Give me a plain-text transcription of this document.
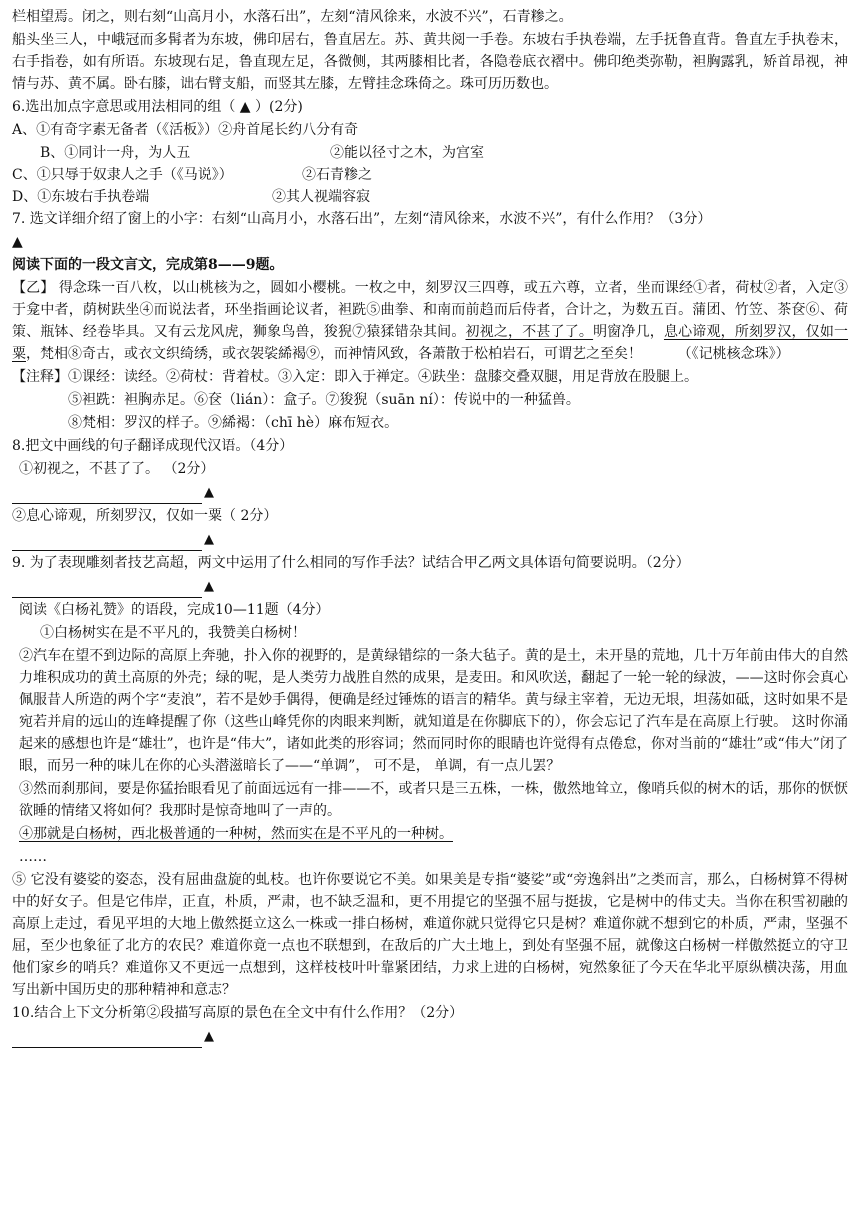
栏相望焉。闭之，则右刻“山高月小，水落石出”，左刻“清风徐来，水波不兴”，石青糁之。

船头坐三人，中峨冠而多髯者为东坡，佛印居右，鲁直居左。苏、黄共阅一手卷。东坡右手执卷端，左手抚鲁直背。鲁直左手执卷末，右手指卷，如有所语。东坡现右足，鲁直现左足，各微侧，其两膝相比者，各隐卷底衣褶中。佛印绝类弥勒，袒胸露乳，矫首昂视，神情与苏、黄不属。卧右膝，诎右臂支船，而竖其左膝，左臂挂念珠倚之。珠可历历数也。

6.选出加点字意思或用法相同的组（ ▲ ）(2分)

A、①有奇字素无备者（《活板》）②舟首尾长约八分有奇

B、①同计一舟，为人五	②能以径寸之木，为宫室
C、①只辱于奴隶人之手（《马说》）	②石青糁之
D、①东坡右手执卷端	②其人视端容寂

7. 选文详细介绍了窗上的小字：右刻“山高月小，水落石出”，左刻“清风徐来，水波不兴”，有什么作用？（3分）

▲

阅读下面的一段文言文，完成第8——9题。

【乙】 得念珠一百八枚，以山桃核为之，圆如小樱桃。一枚之中，刻罗汉三四尊，或五六尊，立者，坐而课经①者，荷杖②者，入定③于龛中者，荫树趺坐④而说法者，环坐指画论议者，袒跣⑤曲拳、和南而前趋而后侍者，合计之，为数五百。蒲团、竹笠、茶奁⑥、荷策、瓶钵、经卷毕具。又有云龙风虎，狮象鸟兽，狻猊⑦猿猱错杂其间。初视之，不甚了了。明窗净几，息心谛观，所刻罗汉，仅如一粟，梵相⑧奇古，或衣文织绮绣，或衣袈裟絺褐⑨，而神情风致，各萧散于松柏岩石，可谓艺之至矣！	（《记桃核念珠》）

【注释】①课经：读经。②荷杖：背着杖。③入定：即入于禅定。④趺坐：盘膝交叠双腿，用足背放在股腿上。

⑤袒跣：袒胸赤足。⑥奁（lián）：盒子。⑦狻猊（suān ní）：传说中的一种猛兽。

⑧梵相：罗汉的样子。⑨絺褐：（chī hè）麻布短衣。

8.把文中画线的句子翻译成现代汉语。（4分）

①初视之，不甚了了。 （2分）

▲

②息心谛观，所刻罗汉，仅如一粟（ 2分）

▲

9. 为了表现雕刻者技艺高超，两文中运用了什么相同的写作手法？试结合甲乙两文具体语句简要说明。（2分）

▲

阅读《白杨礼赞》的语段，完成10—11题（4分）

①白杨树实在是不平凡的，我赞美白杨树！

②汽车在望不到边际的高原上奔驰，扑入你的视野的，是黄绿错综的一条大毡子。黄的是土，未开垦的荒地，几十万年前由伟大的自然力堆积成功的黄土高原的外壳；绿的呢，是人类劳力战胜自然的成果，是麦田。和风吹送，翻起了一轮一轮的绿波，——这时你会真心佩服昔人所造的两个字“麦浪”，若不是妙手偶得，便确是经过锤炼的语言的精华。黄与绿主宰着，无边无垠，坦荡如砥，这时如果不是宛若并肩的远山的连峰提醒了你（这些山峰凭你的肉眼来判断，就知道是在你脚底下的），你会忘记了汽车是在高原上行驶。 这时你涌起来的感想也许是“雄壮”，也许是“伟大”，诸如此类的形容词；然而同时你的眼睛也许觉得有点倦怠，你对当前的“雄壮”或“伟大”闭了眼，而另一种的味儿在你的心头潜滋暗长了——“单调”， 可不是， 单调，有一点儿罢？

③然而刹那间，要是你猛抬眼看见了前面远远有一排——不，或者只是三五株，一株，傲然地耸立，像哨兵似的树木的话，那你的恹恹欲睡的情绪又将如何？我那时是惊奇地叫了一声的。

④那就是白杨树，西北极普通的一种树，然而实在是不平凡的一种树。

……

⑤ 它没有婆娑的姿态，没有屈曲盘旋的虬枝。也许你要说它不美。如果美是专指“婆娑”或“旁逸斜出”之类而言，那么，白杨树算不得树中的好女子。但是它伟岸，正直，朴质，严肃，也不缺乏温和，更不用提它的坚强不屈与挺拔，它是树中的伟丈夫。当你在积雪初融的高原上走过，看见平坦的大地上傲然挺立这么一株或一排白杨树，难道你就只觉得它只是树？难道你就不想到它的朴质，严肃，坚强不屈，至少也象征了北方的农民？难道你竟一点也不联想到，在敌后的广大土地上，到处有坚强不屈，就像这白杨树一样傲然挺立的守卫他们家乡的哨兵？难道你又不更远一点想到，这样枝枝叶叶靠紧团结，力求上进的白杨树，宛然象征了今天在华北平原纵横决荡，用血写出新中国历史的那种精神和意志？

10.结合上下文分析第②段描写高原的景色在全文中有什么作用？（2分）

▲
